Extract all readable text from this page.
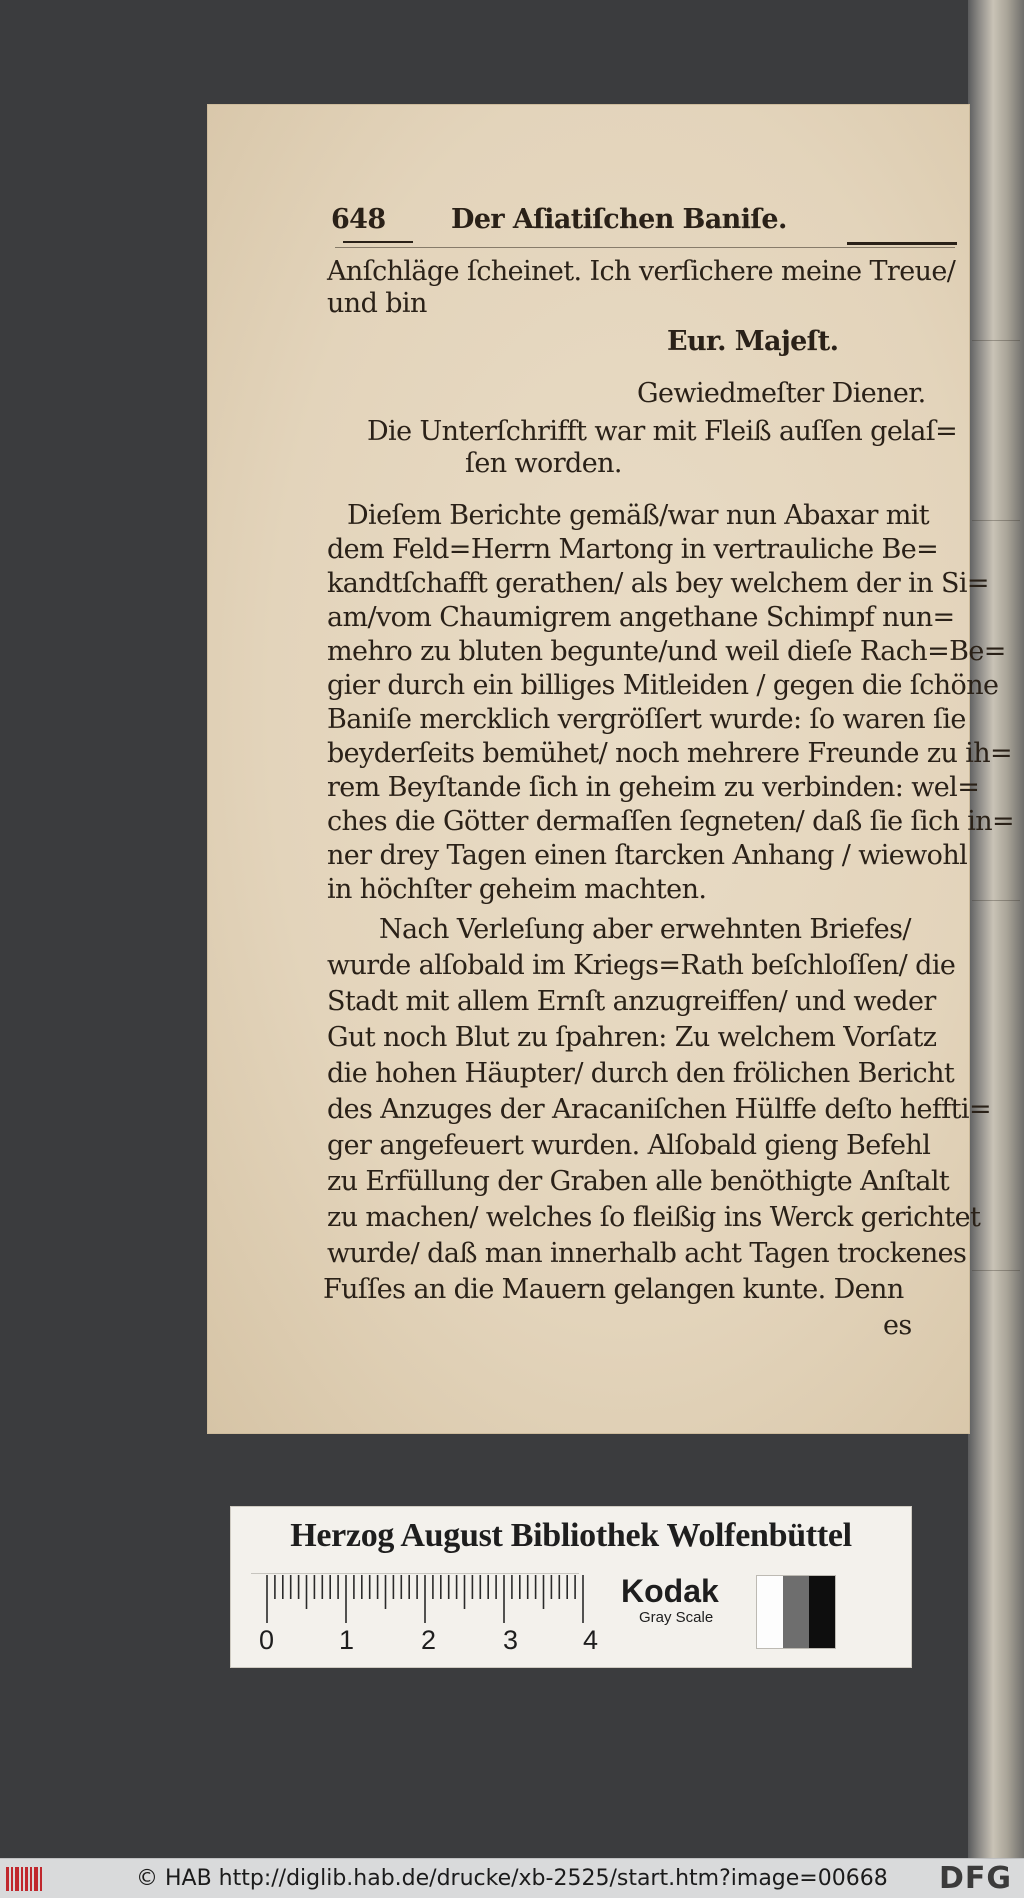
648 Der Aſiatiſchen Baniſe.
Anſchläge ſcheinet. Ich verſichere meine Treue/
und bin
Eur. Majeſt.
Gewiedmeſter Diener.
Die Unterſchrifft war mit Fleiß auſſen gelaſ=
ſen worden.
Dieſem Berichte gemäß/war nun Abaxar mit
dem Feld=Herrn Martong in vertrauliche Be=
kandtſchafft gerathen/ als bey welchem der in Si=
am/vom Chaumigrem angethane Schimpf nun=
mehro zu bluten begunte/und weil dieſe Rach=Be=
gier durch ein billiges Mitleiden / gegen die ſchöne
Baniſe mercklich vergröſſert wurde: ſo waren ſie
beyderſeits bemühet/ noch mehrere Freunde zu ih=
rem Beyſtande ſich in geheim zu verbinden: wel=
ches die Götter dermaſſen ſegneten/ daß ſie ſich in=
ner drey Tagen einen ſtarcken Anhang / wiewohl
in höchſter geheim machten.
Nach Verleſung aber erwehnten Briefes/
wurde alſobald im Kriegs=Rath beſchloſſen/ die
Stadt mit allem Ernſt anzugreiffen/ und weder
Gut noch Blut zu ſpahren: Zu welchem Vorſatz
die hohen Häupter/ durch den frölichen Bericht
des Anzuges der Aracaniſchen Hülffe deſto heffti=
ger angefeuert wurden. Alſobald gieng Befehl
zu Erfüllung der Graben alle benöthigte Anſtalt
zu machen/ welches ſo fleißig ins Werck gerichtet
wurde/ daß man innerhalb acht Tagen trockenes
Fuſſes an die Mauern gelangen kunte. Denn
es
Herzog August Bibliothek Wolfenbüttel
0 1 2 3 4
Kodak
Gray Scale
© HAB http://diglib.hab.de/drucke/xb-2525/start.htm?image=00668 DFG
